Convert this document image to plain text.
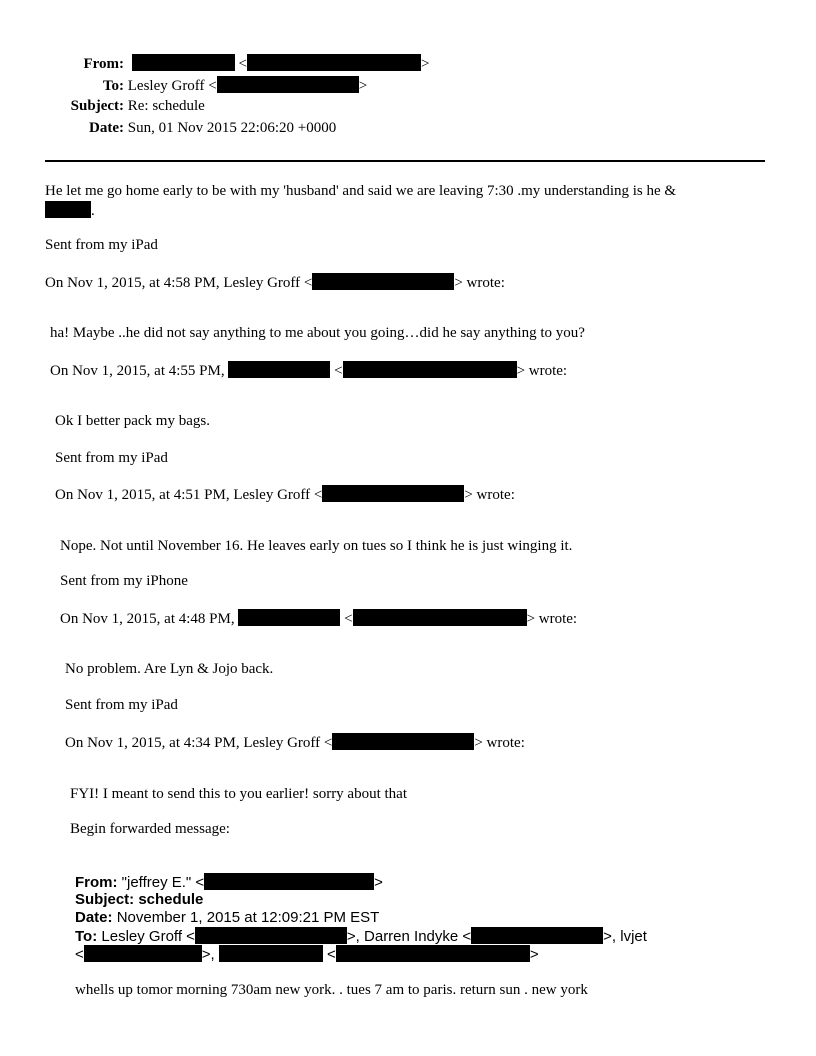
From:	<	>
To: Lesley Groff <	>
Subject: Re: schedule
Date: Sun, 01 Nov 2015 22:06:20 +0000
He let me go home early to be with my 'husband' and said we are leaving 7:30 .my understanding is he &
.
Sent from my iPad
On Nov 1, 2015, at 4:58 PM, Lesley Groff <	> wrote:
ha! Maybe ..he did not say anything to me about you going…did he say anything to you?
On Nov 1, 2015, at 4:55 PM,	<	> wrote:
Ok I better pack my bags.
Sent from my iPad
On Nov 1, 2015, at 4:51 PM, Lesley Groff <	> wrote:
Nope. Not until November 16. He leaves early on tues so I think he is just winging it.
Sent from my iPhone
On Nov 1, 2015, at 4:48 PM,	<	> wrote:
No problem. Are Lyn & Jojo back.
Sent from my iPad
On Nov 1, 2015, at 4:34 PM, Lesley Groff <	> wrote:
FYI! I meant to send this to you earlier! sorry about that
Begin forwarded message:
From: "jeffrey E." <	>
Subject: schedule
Date: November 1, 2015 at 12:09:21 PM EST
To: Lesley Groff <	>, Darren Indyke <	>, lvjet
<	>,	<	>
whells up tomor morning 730am new york. . tues 7 am to paris. return sun . new york
